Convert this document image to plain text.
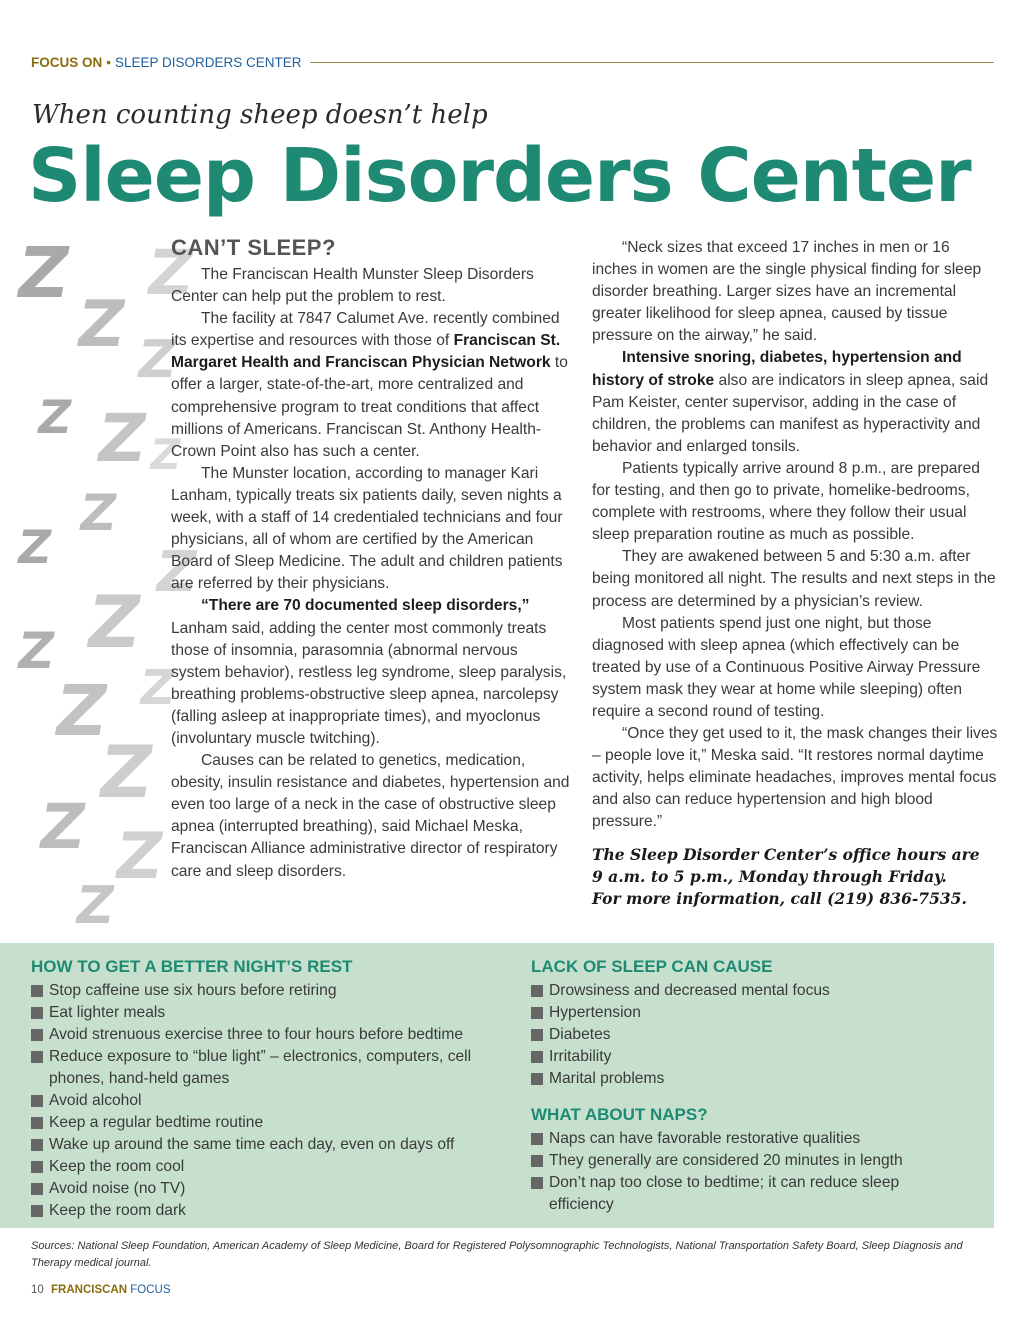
FOCUS ON • SLEEP DISORDERS CENTER
When counting sheep doesn’t help
Sleep Disorders Center
Z Z
Z Z
Z Z
Z
Z
Z Z
Z
Z
Z
Z
Z
Z Z
Z
CAN’T SLEEP?

The Franciscan Health Munster Sleep Disorders Center can help put the problem to rest.

The facility at 7847 Calumet Ave. recently combined its expertise and resources with those of Franciscan St. Margaret Health and Franciscan Physician Network to offer a larger, state-of-the-art, more centralized and comprehensive program to treat conditions that affect millions of Americans. Franciscan St. Anthony Health-Crown Point also has such a center.

The Munster location, according to manager Kari Lanham, typically treats six patients daily, seven nights a week, with a staff of 14 credentialed technicians and four physicians, all of whom are certified by the American Board of Sleep Medicine. The adult and children patients are referred by their physicians.

“There are 70 documented sleep disorders,” Lanham said, adding the center most commonly treats those of insomnia, parasomnia (abnormal nervous system behavior), restless leg syndrome, sleep paralysis, breathing problems-obstructive sleep apnea, narcolepsy (falling asleep at inappropriate times), and myoclonus (involuntary muscle twitching).

Causes can be related to genetics, medication, obesity, insulin resistance and diabetes, hypertension and even too large of a neck in the case of obstructive sleep apnea (interrupted breathing), said Michael Meska, Franciscan Alliance administrative director of respiratory care and sleep disorders.

“Neck sizes that exceed 17 inches in men or 16 inches in women are the single physical finding for sleep disorder breathing. Larger sizes have an incremental greater likelihood for sleep apnea, caused by tissue pressure on the airway,” he said.

Intensive snoring, diabetes, hypertension and history of stroke also are indicators in sleep apnea, said Pam Keister, center supervisor, adding in the case of children, the problems can manifest as hyperactivity and behavior and enlarged tonsils.

Patients typically arrive around 8 p.m., are prepared for testing, and then go to private, homelike-bedrooms, complete with restrooms, where they follow their usual sleep preparation routine as much as possible.

They are awakened between 5 and 5:30 a.m. after being monitored all night. The results and next steps in the process are determined by a physician’s review.

Most patients spend just one night, but those diagnosed with sleep apnea (which effectively can be treated by use of a Continuous Positive Airway Pressure system mask they wear at home while sleeping) often require a second round of testing.

“Once they get used to it, the mask changes their lives – people love it,” Meska said. “It restores normal daytime activity, helps eliminate headaches, improves mental focus and also can reduce hypertension and high blood pressure.”

The Sleep Disorder Center’s office hours are
9 a.m. to 5 p.m., Monday through Friday.
For more information, call (219) 836-7535.
HOW TO GET A BETTER NIGHT’S REST
Stop caffeine use six hours before retiring
Eat lighter meals
Avoid strenuous exercise three to four hours before bedtime
Reduce exposure to “blue light” – electronics, computers, cell phones, hand-held games
Avoid alcohol
Keep a regular bedtime routine
Wake up around the same time each day, even on days off
Keep the room cool
Avoid noise (no TV)
Keep the room dark
LACK OF SLEEP CAN CAUSE
Drowsiness and decreased mental focus
Hypertension
Diabetes
Irritability
Marital problems
WHAT ABOUT NAPS?
Naps can have favorable restorative qualities
They generally are considered 20 minutes in length
Don’t nap too close to bedtime; it can reduce sleep efficiency
Sources: National Sleep Foundation, American Academy of Sleep Medicine, Board for Registered Polysomnographic Technologists, National Transportation Safety Board, Sleep Diagnosis and Therapy medical journal.
10 FRANCISCAN FOCUS
